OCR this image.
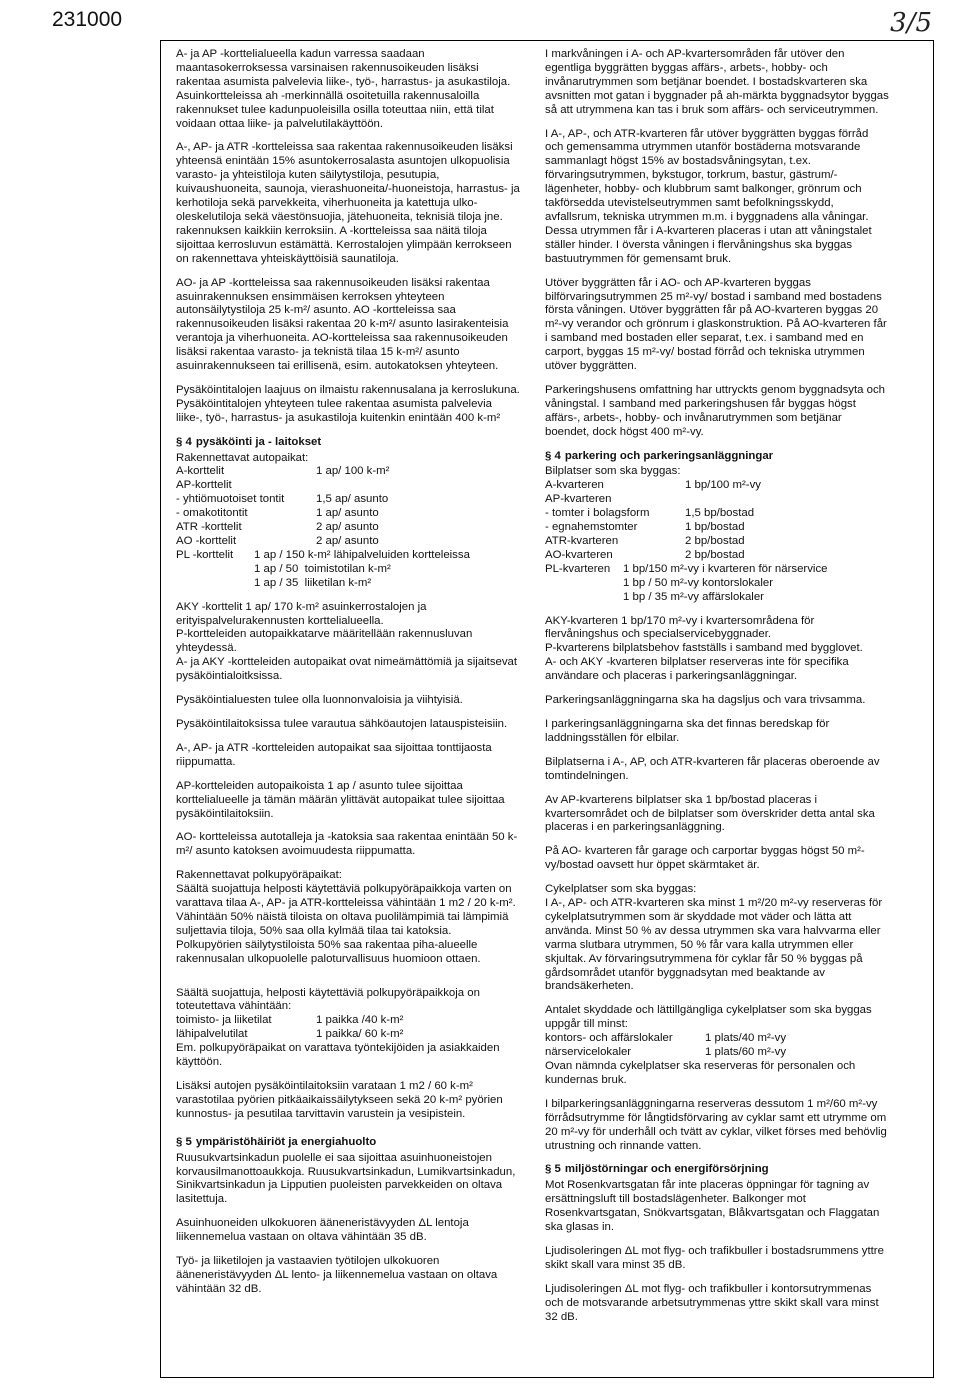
231000	3/5

A- ja AP -korttelialueella kadun varressa saadaan maantasokerroksessa varsinaisen rakennusoikeuden lisäksi rakentaa asumista palvelevia liike-, työ-, harrastus- ja asukastiloja. Asuinkortteleissa ah -merkinnällä osoitetuilla rakennusaloilla rakennukset tulee kadunpuoleisilla osilla toteuttaa niin, että tilat voidaan ottaa liike- ja palvelutilakäyttöön.

A-, AP- ja ATR -kortteleissa saa rakentaa rakennusoikeuden lisäksi yhteensä enintään 15% asuntokerrosalasta asuntojen ulkopuolisia varasto- ja yhteistiloja kuten säilytystiloja, pesutupia, kuivaushuoneita, saunoja, vierashuoneita/-huoneistoja, harrastus- ja kerhotiloja sekä parvekkeita, viherhuoneita ja katettuja ulko-oleskelutiloja sekä väestönsuojia, jätehuoneita, teknisiä tiloja jne. rakennuksen kaikkiin kerroksiin. A -kortteleissa saa näitä tiloja sijoittaa kerrosluvun estämättä. Kerrostalojen ylimpään kerrokseen on rakennettava yhteiskäyttöisiä saunatiloja.

AO- ja AP -kortteleissa saa rakennusoikeuden lisäksi rakentaa asuinrakennuksen ensimmäisen kerroksen yhteyteen autonsäilytystiloja 25 k-m²/ asunto. AO -kortteleissa saa rakennusoikeuden lisäksi rakentaa 20 k-m²/ asunto lasirakenteisia verantoja ja viherhuoneita. AO-kortteleissa saa rakennusoikeuden lisäksi rakentaa varasto- ja teknistä tilaa 15 k-m²/ asunto asuinrakennukseen tai erillisenä, esim. autokatoksen yhteyteen.

Pysäköintitalojen laajuus on ilmaistu rakennusalana ja kerroslukuna. Pysäköintitalojen yhteyteen tulee rakentaa asumista palvelevia liike-, työ-, harrastus- ja asukastiloja kuitenkin enintään 400 k-m²

§ 4 pysäköinti ja - laitokset
Rakennettavat autopaikat:
A-korttelit	1 ap/ 100 k-m²
AP-korttelit
- yhtiömuotoiset tontit	1,5 ap/ asunto
- omakotitontit	1 ap/ asunto
ATR -korttelit	2 ap/ asunto
AO -korttelit	2 ap/ asunto
PL -korttelit	1 ap / 150 k-m² lähipalveluiden kortteleissa
1 ap / 50  toimistotilan k-m²
1 ap / 35  liiketilan k-m²

AKY -korttelit 1 ap/ 170 k-m² asuinkerrostalojen ja erityispalvelurakennusten korttelialueella.
P-kortteleiden autopaikkatarve määritellään rakennusluvan yhteydessä.
A- ja AKY -kortteleiden autopaikat ovat nimeämättömiä ja sijaitsevat pysäköintialoitksissa.

Pysäköintialuesten tulee olla luonnonvaloisia ja viihtyisiä.

Pysäköintilaitoksissa tulee varautua sähköautojen latauspisteisiin.

A-, AP- ja ATR -kortteleiden autopaikat saa sijoittaa tonttijaosta riippumatta.

AP-kortteleiden autopaikoista 1 ap / asunto tulee sijoittaa korttelialueelle ja tämän määrän ylittävät autopaikat tulee sijoittaa pysäköintilaitoksiin.

AO- kortteleissa autotalleja ja -katoksia saa rakentaa enintään 50 k-m²/ asunto katoksen avoimuudesta riippumatta.

Rakennettavat polkupyöräpaikat:
Säältä suojattuja helposti käytettäviä polkupyöräpaikkoja varten on varattava tilaa A-, AP- ja ATR-kortteleissa vähintään 1 m2 / 20 k-m². Vähintään 50% näistä tiloista on oltava puolilämpimiä tai lämpimiä suljettavia tiloja, 50% saa olla kylmää tilaa tai katoksia. Polkupyörien säilytystiloista 50% saa rakentaa piha-alueelle rakennusalan ulkopuolelle paloturvallisuus huomioon ottaen.

Säältä suojattuja, helposti käytettäviä polkupyöräpaikkoja on toteutettava vähintään:

toimisto- ja liiketilat	1 paikka /40 k-m²
lähipalvelutilat	1 paikka/ 60 k-m²

Em. polkupyöräpaikat on varattava työntekijöiden ja asiakkaiden käyttöön.

Lisäksi autojen pysäköintilaitoksiin varataan 1 m2 / 60 k-m² varastotilaa pyörien pitkäaikaissäilytykseen sekä 20 k-m² pyörien kunnostus- ja pesutilaa tarvittavin varustein ja vesipistein.

§ 5 ympäristöhäiriöt ja energiahuolto

Ruusukvartsinkadun puolelle ei saa sijoittaa asuinhuoneistojen korvausilmanottoaukkoja. Ruusukvartsinkadun, Lumikvartsinkadun, Sinikvartsinkadun ja Lipputien puoleisten parvekkeiden on oltava lasitettuja.

Asuinhuoneiden ulkokuoren ääneneristävyyden ΔL lentoja liikennemelua vastaan on oltava vähintään 35 dB.

Työ- ja liiketilojen ja vastaavien työtilojen ulkokuoren ääneneristävyyden ΔL lento- ja liikennemelua vastaan on oltava vähintään 32 dB.

I markvåningen i A- och AP-kvartersområden får utöver den egentliga byggrätten byggas affärs-, arbets-, hobby- och invånarutrymmen som betjänar boendet. I bostadskvarteren ska avsnitten mot gatan i byggnader på ah-märkta byggnadsytor byggas så att utrymmena kan tas i bruk som affärs- och serviceutrymmen.

I A-, AP-, och ATR-kvarteren får utöver byggrätten byggas förråd och gemensamma utrymmen utanför bostäderna motsvarande sammanlagt högst 15% av bostadsvåningsytan, t.ex. förvaringsutrymmen, bykstugor, torkrum, bastur, gästrum/-lägenheter, hobby- och klubbrum samt balkonger, grönrum och takförsedda utevistelseutrymmen samt befolkningsskydd, avfallsrum, tekniska utrymmen m.m. i byggnadens alla våningar. Dessa utrymmen får i A-kvarteren placeras i utan att våningstalet ställer hinder. I översta våningen i flervåningshus ska byggas bastuutrymmen för gemensamt bruk.

Utöver byggrätten får i AO- och AP-kvarteren byggas bilförvaringsutrymmen 25 m²-vy/ bostad i samband med bostadens första våningen. Utöver byggrätten får på AO-kvarteren byggas 20 m²-vy verandor och grönrum i glaskonstruktion. På AO-kvarteren får i samband med bostaden eller separat, t.ex. i samband med en carport, byggas 15 m²-vy/ bostad förråd och tekniska utrymmen utöver byggrätten.

Parkeringshusens omfattning har uttryckts genom byggnadsyta och våningstal. I samband med parkeringshusen får byggas högst affärs-, arbets-, hobby- och invånarutrymmen som betjänar boendet, dock högst 400 m²-vy.

§ 4 parkering och parkeringsanläggningar
Bilplatser som ska byggas:
A-kvarteren	1 bp/100 m²-vy
AP-kvarteren
- tomter i bolagsform	1,5 bp/bostad
- egnahemstomter	1 bp/bostad
ATR-kvarteren	2 bp/bostad
AO-kvarteren	2 bp/bostad
PL-kvarteren	1 bp/150 m²-vy i kvarteren för närservice
1 bp / 50 m²-vy kontorslokaler
1 bp / 35 m²-vy affärslokaler

AKY-kvarteren 1 bp/170 m²-vy i kvartersområdena för flervåningshus och specialservicebyggnader.
P-kvarterens bilplatsbehov fastställs i samband med bygglovet.
A- och AKY -kvarteren bilplatser reserveras inte för specifika användare och placeras i parkeringsanläggningar.

Parkeringsanläggningarna ska ha dagsljus och vara trivsamma.

I parkeringsanläggningarna ska det finnas beredskap för laddningsställen för elbilar.

Bilplatserna i A-, AP, och ATR-kvarteren får placeras oberoende av tomtindelningen.

Av AP-kvarterens bilplatser ska 1 bp/bostad placeras i kvartersområdet och de bilplatser som överskrider detta antal ska placeras i en parkeringsanläggning.

På AO- kvarteren får garage och carportar byggas högst 50 m²-vy/bostad oavsett hur öppet skärmtaket är.

Cykelplatser som ska byggas:
I A-, AP- och ATR-kvarteren ska minst 1 m²/20 m²-vy reserveras för cykelplatsutrymmen som är skyddade mot väder och lätta att använda. Minst 50 % av dessa utrymmen ska vara halvvarma eller varma slutbara utrymmen, 50 % får vara kalla utrymmen eller skjultak. Av förvaringsutrymmena för cyklar får 50 % byggas på gårdsområdet utanför byggnadsytan med beaktande av brandsäkerheten.

Antalet skyddade och lättillgängliga cykelplatser som ska byggas uppgår till minst:

kontors- och affärslokaler	1 plats/40 m²-vy
närservicelokaler	1 plats/60 m²-vy

Ovan nämnda cykelplatser ska reserveras för personalen och kundernas bruk.

I bilparkeringsanläggningarna reserveras dessutom 1 m²/60 m²-vy förrådsutrymme för långtidsförvaring av cyklar samt ett utrymme om 20 m²-vy för underhåll och tvätt av cyklar, vilket förses med behövlig utrustning och rinnande vatten.

§ 5 miljöstörningar och energiförsörjning

Mot Rosenkvartsgatan får inte placeras öppningar för tagning av ersättningsluft till bostadslägenheter. Balkonger mot Rosenkvartsgatan, Snökvartsgatan, Blåkvartsgatan och Flaggatan ska glasas in.

Ljudisoleringen ΔL mot flyg- och trafikbuller i bostadsrummens yttre skikt skall vara minst 35 dB.

Ljudisoleringen ΔL mot flyg- och trafikbuller i kontorsutrymmenas och de motsvarande arbetsutrymmenas yttre skikt skall vara minst 32 dB.
